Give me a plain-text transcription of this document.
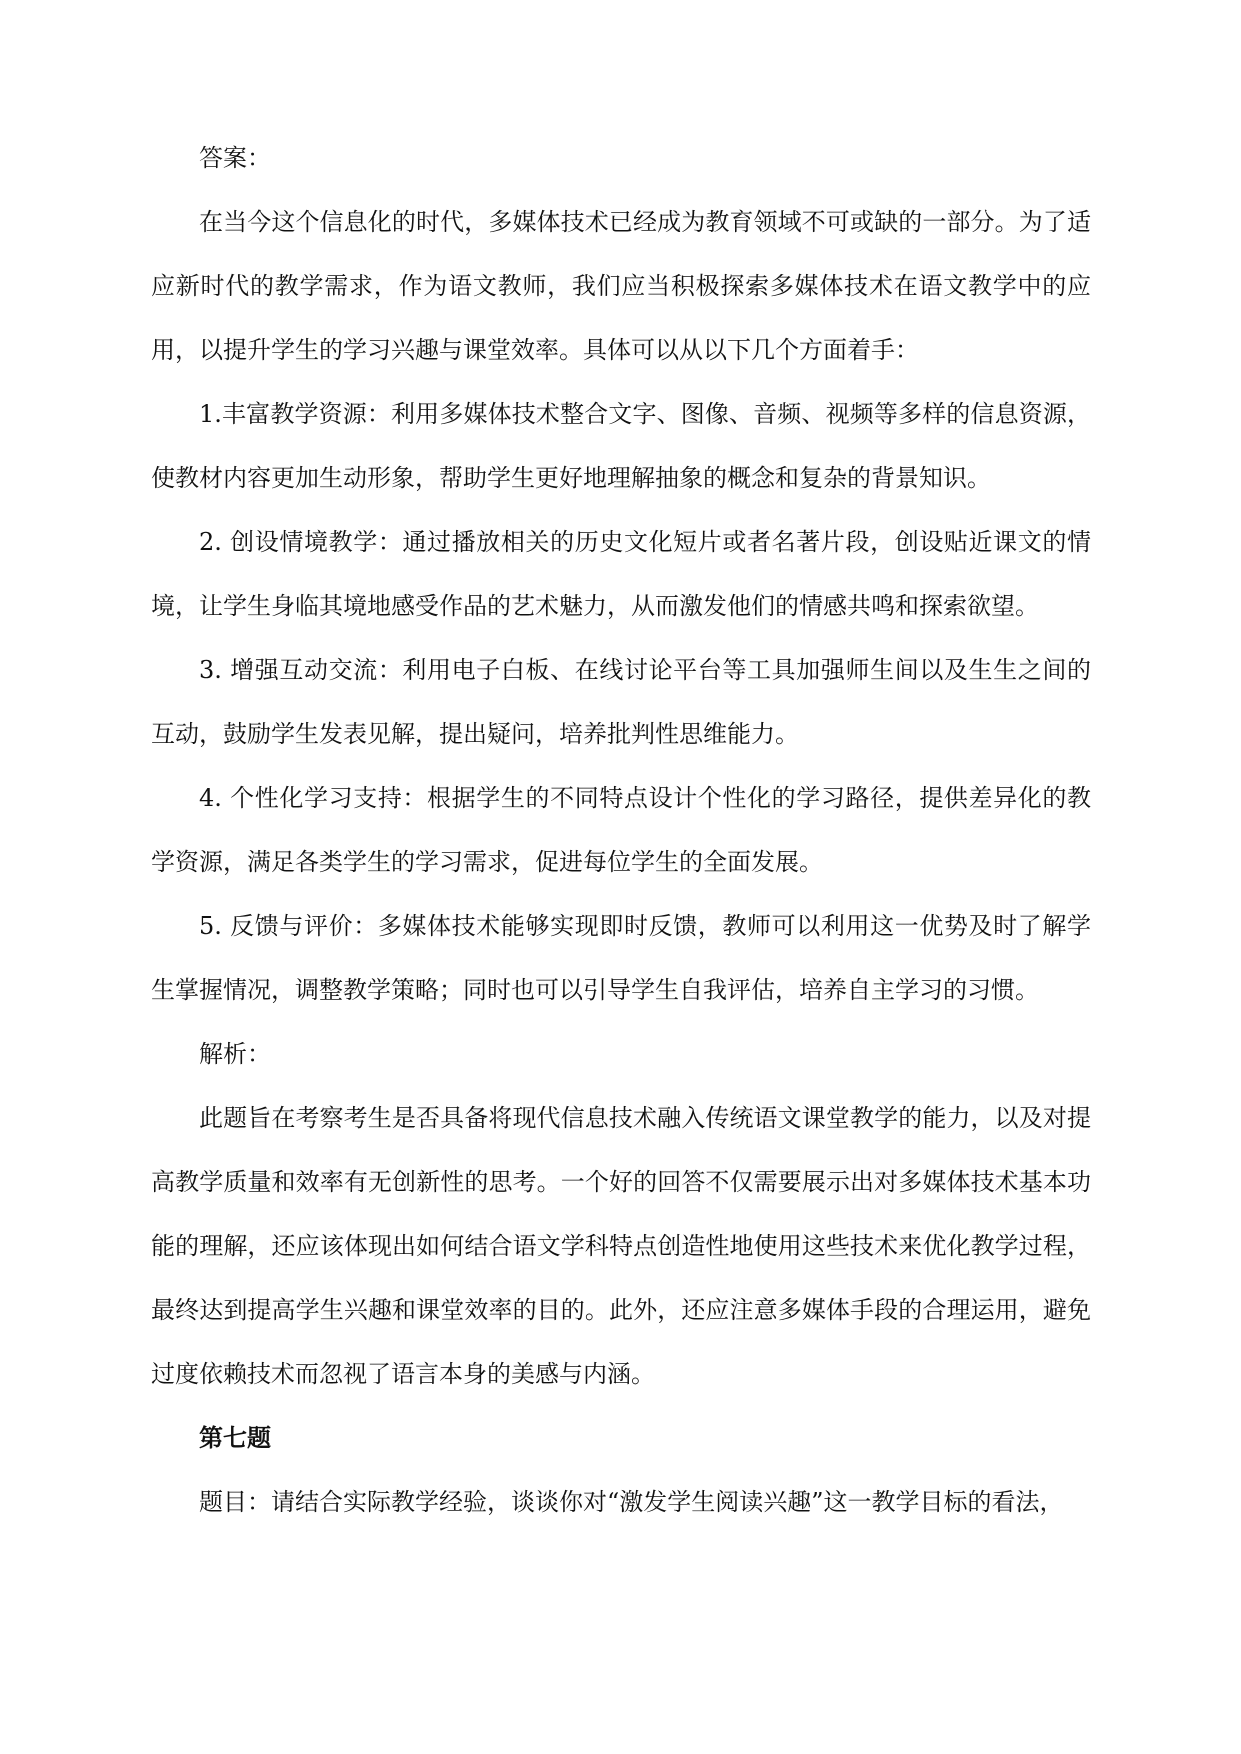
答案：

在当今这个信息化的时代，多媒体技术已经成为教育领域不可或缺的一部分。为了适应新时代的教学需求，作为语文教师，我们应当积极探索多媒体技术在语文教学中的应用，以提升学生的学习兴趣与课堂效率。具体可以从以下几个方面着手：

1.丰富教学资源：利用多媒体技术整合文字、图像、音频、视频等多样的信息资源，使教材内容更加生动形象，帮助学生更好地理解抽象的概念和复杂的背景知识。

2. 创设情境教学：通过播放相关的历史文化短片或者名著片段，创设贴近课文的情境，让学生身临其境地感受作品的艺术魅力，从而激发他们的情感共鸣和探索欲望。

3. 增强互动交流：利用电子白板、在线讨论平台等工具加强师生间以及生生之间的互动，鼓励学生发表见解，提出疑问，培养批判性思维能力。

4. 个性化学习支持：根据学生的不同特点设计个性化的学习路径，提供差异化的教学资源，满足各类学生的学习需求，促进每位学生的全面发展。

5. 反馈与评价：多媒体技术能够实现即时反馈，教师可以利用这一优势及时了解学生掌握情况，调整教学策略；同时也可以引导学生自我评估，培养自主学习的习惯。

解析：

此题旨在考察考生是否具备将现代信息技术融入传统语文课堂教学的能力，以及对提高教学质量和效率有无创新性的思考。一个好的回答不仅需要展示出对多媒体技术基本功能的理解，还应该体现出如何结合语文学科特点创造性地使用这些技术来优化教学过程，最终达到提高学生兴趣和课堂效率的目的。此外，还应注意多媒体手段的合理运用，避免过度依赖技术而忽视了语言本身的美感与内涵。

第七题

题目：请结合实际教学经验，谈谈你对“激发学生阅读兴趣”这一教学目标的看法，
